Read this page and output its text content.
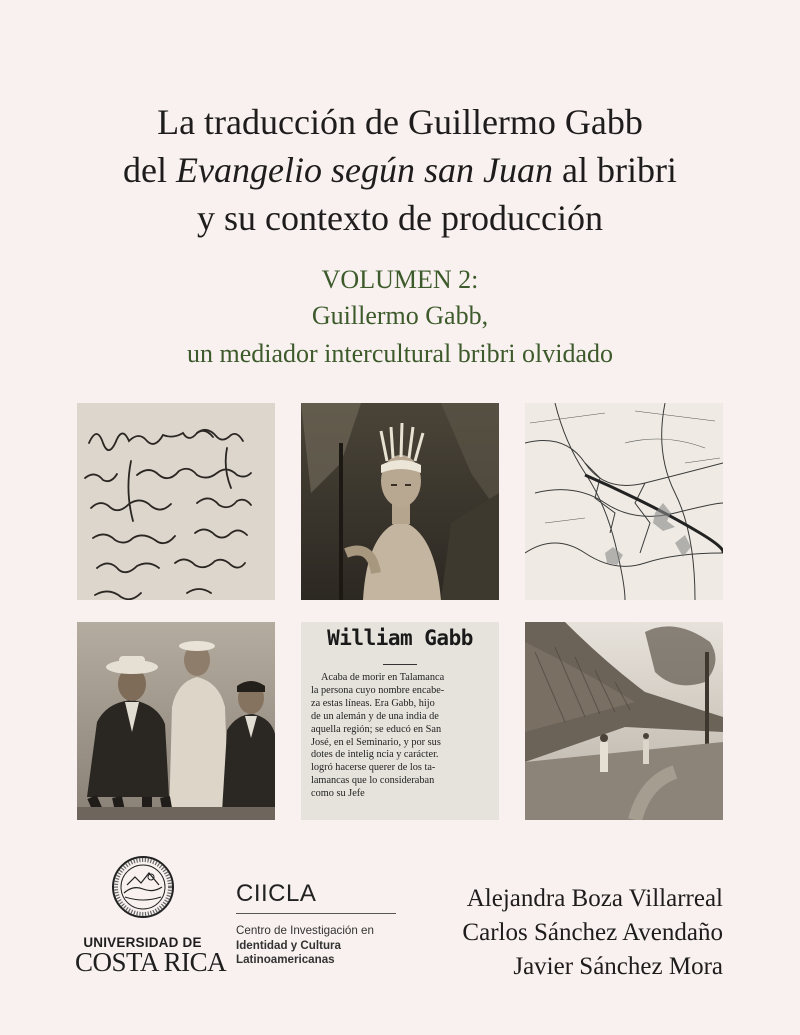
La traducción de Guillermo Gabb
del Evangelio según san Juan al bribri
y su contexto de producción
VOLUMEN 2:
Guillermo Gabb,
un mediador intercultural bribri olvidado
William Gabb
Acaba de morir en Talamanca
la persona cuyo nombre encabe-
za estas líneas. Era Gabb, hijo
de un alemán y de una india de
aquella región; se educó en San
José, en el Seminario, y por sus
dotes de intelig ncia y carácter.
logró hacerse querer de los ta-
lamancas que lo consideraban
como su Jefe
UNIVERSIDAD DE
COSTA RICA
CIICLA
Centro de Investigación en
Identidad y Cultura
Latinoamericanas
Alejandra Boza Villarreal
Carlos Sánchez Avendaño
Javier Sánchez Mora
